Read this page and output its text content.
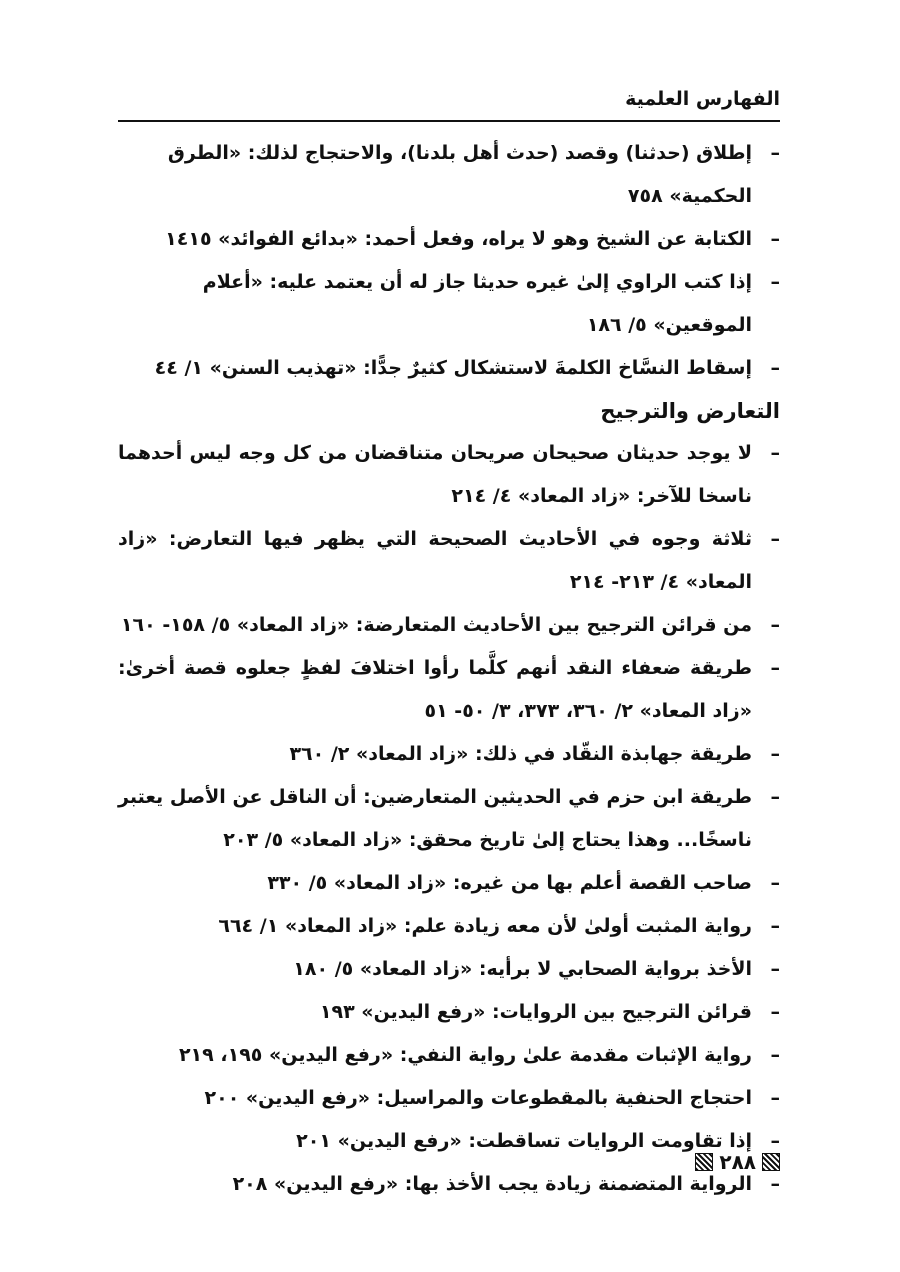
الفهارس العلمية
–
إطلاق (حدثنا) وقصد (حدث أهل بلدنا)، والاحتجاج لذلك: «الطرق الحكمية» ٧٥٨
–
الكتابة عن الشيخ وهو لا يراه، وفعل أحمد: «بدائع الفوائد» ١٤١٥
–
إذا كتب الراوي إلىٰ غيره حديثا جاز له أن يعتمد عليه: «أعلام الموقعين» ٥/ ١٨٦
–
إسقاط النسَّاخ الكلمةَ لاستشكال كثيرٌ جدًّا: «تهذيب السنن» ١/ ٤٤
التعارض والترجيح
–
لا يوجد حديثان صحيحان صريحان متناقضان من كل وجه ليس أحدهما ناسخا للآخر: «زاد المعاد» ٤/ ٢١٤
–
ثلاثة وجوه في الأحاديث الصحيحة التي يظهر فيها التعارض: «زاد المعاد» ٤/ ٢١٣- ٢١٤
–
من قرائن الترجيح بين الأحاديث المتعارضة: «زاد المعاد» ٥/ ١٥٨- ١٦٠
–
طريقة ضعفاء النقد أنهم كلَّما رأوا اختلافَ لفظٍ جعلوه قصة أخرىٰ: «زاد المعاد» ٢/ ٣٦٠، ٣٧٣، ٣/ ٥٠- ٥١
–
طريقة جهابذة النقّاد في ذلك: «زاد المعاد» ٢/ ٣٦٠
–
طريقة ابن حزم في الحديثين المتعارضين: أن الناقل عن الأصل يعتبر ناسخًا... وهذا يحتاج إلىٰ تاريخ محقق: «زاد المعاد» ٥/ ٢٠٣
–
صاحب القصة أعلم بها من غيره: «زاد المعاد» ٥/ ٣٣٠
–
رواية المثبت أولىٰ لأن معه زيادة علم: «زاد المعاد» ١/ ٦٦٤
–
الأخذ برواية الصحابي لا برأيه: «زاد المعاد» ٥/ ١٨٠
–
قرائن الترجيح بين الروايات: «رفع اليدين» ١٩٣
–
رواية الإثبات مقدمة علىٰ رواية النفي: «رفع اليدين» ١٩٥، ٢١٩
–
احتجاج الحنفية بالمقطوعات والمراسيل: «رفع اليدين» ٢٠٠
–
إذا تقاومت الروايات تساقطت: «رفع اليدين» ٢٠١
–
الرواية المتضمنة زيادة يجب الأخذ بها: «رفع اليدين» ٢٠٨
٢٨٨
